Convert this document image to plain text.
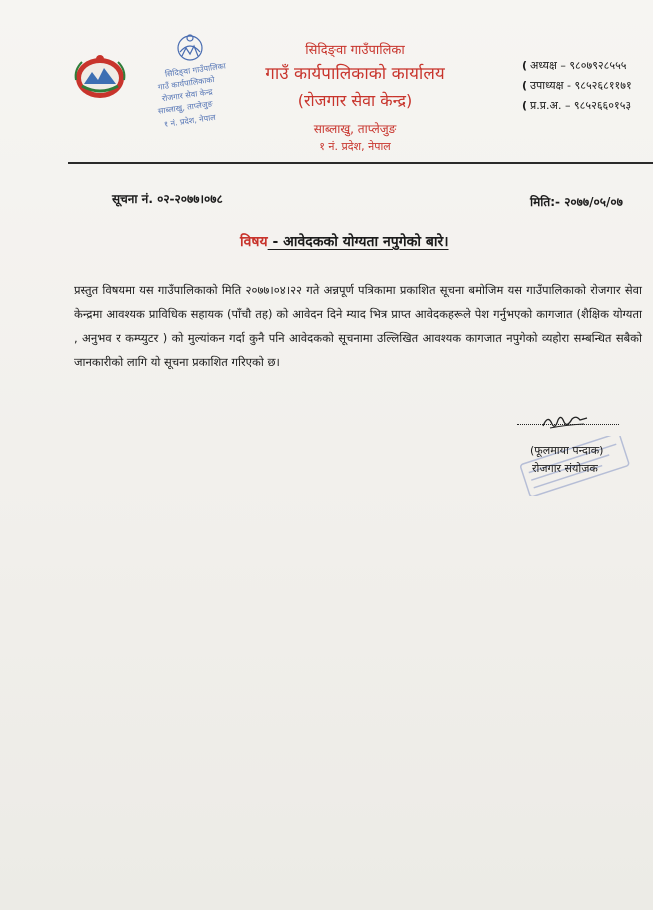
सिदिङ्वा गाउँपालिका
गाउँ कार्यपालिकाको
रोजगार सेवा केन्द्र
साब्लाखु, ताप्लेजुङ
१ नं. प्रदेश, नेपाल
सिदिङ्वा गाउँपालिका
गाउँ कार्यपालिकाको कार्यालय
(रोजगार सेवा केन्द्र)
साब्लाखु, ताप्लेजुङ
१ नं. प्रदेश, नेपाल
( अध्यक्ष – ९८०७९२८५५५
( उपाध्यक्ष - ९८५२६८११७१
( प्र.प्र.अ. – ९८५२६६०१५३
सूचना नं. ०२-२०७७।०७८	मिति:- २०७७/०५/०७
विषय - आवेदकको योग्यता नपुगेको बारे।
प्रस्तुत विषयमा यस गाउँपालिकाको मिति २०७७।०४।२२ गते अन्नपूर्ण पत्रिकामा प्रकाशित सूचना बमोजिम यस गाउँपालिकाको रोजगार सेवा केन्द्रमा आवश्यक प्राविधिक सहायक (पाँचौ तह) को आवेदन दिने म्याद भित्र प्राप्त आवेदकहरूले पेश गर्नुभएको कागजात (शैक्षिक योग्यता , अनुभव र कम्प्युटर ) को मुल्यांकन गर्दा कुनै पनि आवेदकको सूचनामा उल्लिखित आवश्यक कागजात नपुगेको व्यहोरा सम्बन्धित सबैको जानकारीको लागि यो सूचना प्रकाशित गरिएको छ।
(फूलमाया पन्दाक)
रोजगार संयोजक
